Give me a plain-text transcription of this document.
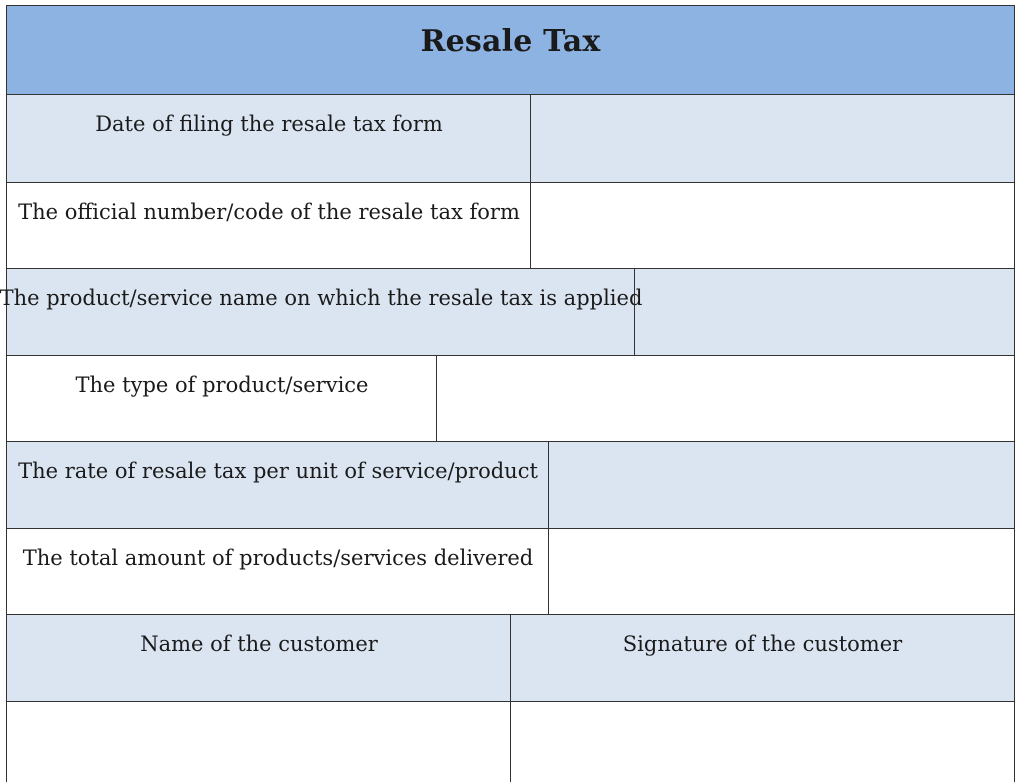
Resale Tax
Date of filing the resale tax form
The official number/code of the resale tax form
The product/service name on which the resale tax is applied
The type of product/service
The rate of resale tax per unit of service/product
The total amount of products/services delivered
Name of the customer	Signature of the customer
